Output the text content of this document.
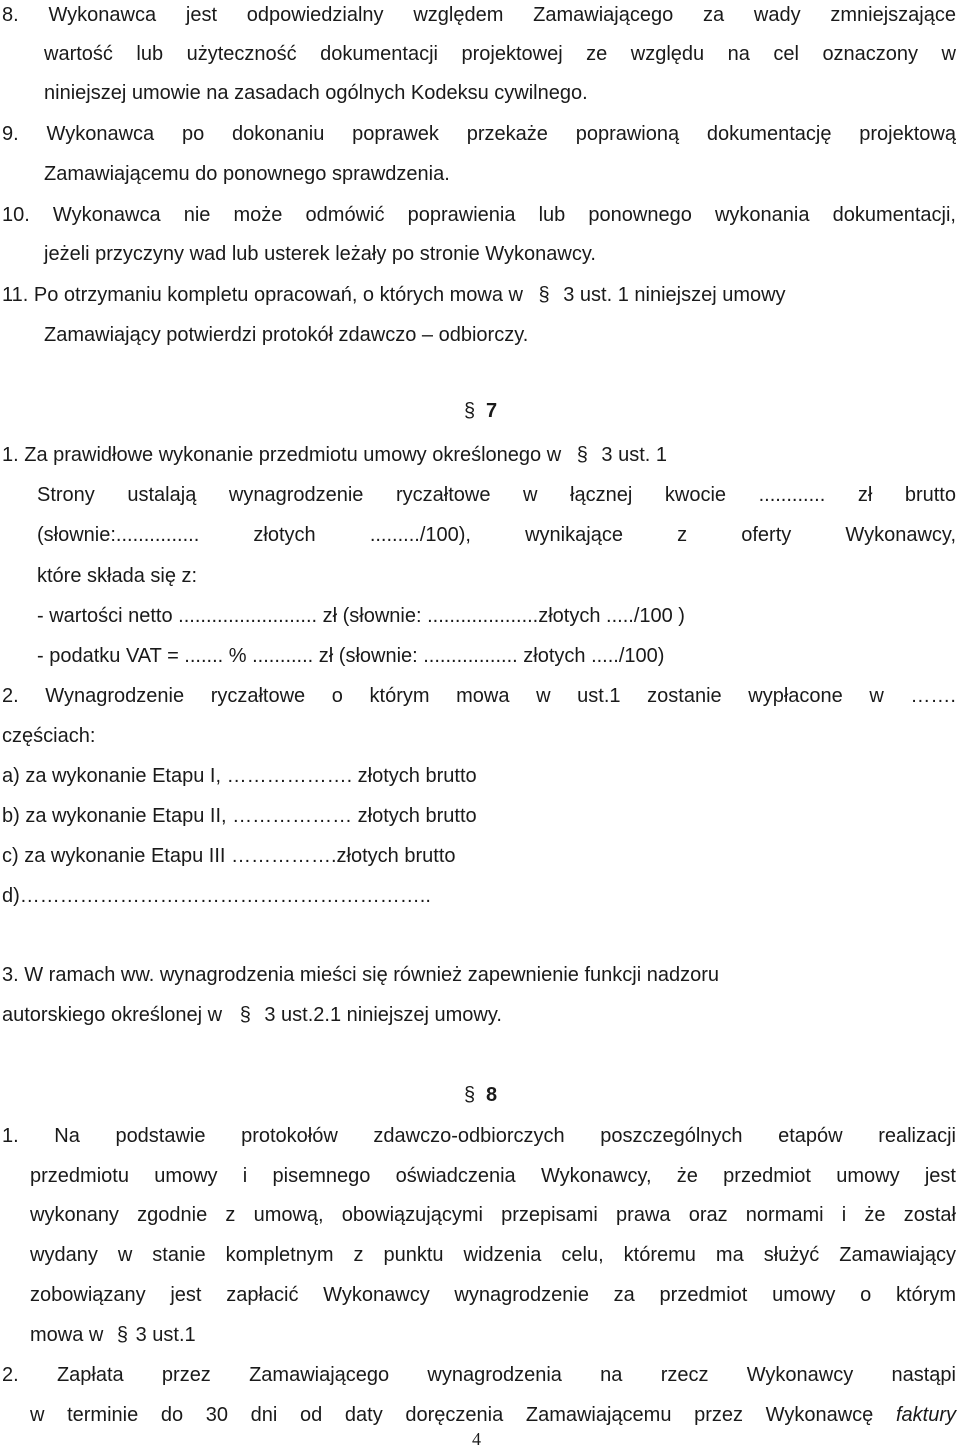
8. Wykonawca jest odpowiedzialny względem Zamawiającego za wady zmniejszające
wartość lub użyteczność dokumentacji projektowej ze względu na cel oznaczony w
niniejszej umowie na zasadach ogólnych Kodeksu cywilnego.
9. Wykonawca po dokonaniu poprawek przekaże poprawioną dokumentację projektową
Zamawiającemu do ponownego sprawdzenia.
10. Wykonawca nie może odmówić poprawienia lub ponownego wykonania dokumentacji,
jeżeli przyczyny wad lub usterek leżały po stronie Wykonawcy.
11. Po otrzymaniu kompletu opracowań, o których mowa w § 3 ust. 1 niniejszej umowy
Zamawiający potwierdzi protokół zdawczo – odbiorczy.
§ 7
1. Za prawidłowe wykonanie przedmiotu umowy określonego w § 3 ust. 1
Strony ustalają wynagrodzenie ryczałtowe w łącznej kwocie ............ zł brutto
(słownie:............... złotych ........./100), wynikające z oferty Wykonawcy,
które składa się z:
- wartości netto ......................... zł (słownie: ....................złotych ...../100 )
- podatku VAT = ....... % ........... zł (słownie: ................. złotych ...../100)
2. Wynagrodzenie ryczałtowe o którym mowa w ust.1 zostanie wypłacone w …….
częściach:
a) za wykonanie Etapu I, ………………. złotych brutto
b) za wykonanie Etapu II, ……………… złotych brutto
c) za wykonanie Etapu III …………….złotych brutto
d)……………………………………………………..
3. W ramach ww. wynagrodzenia mieści się również zapewnienie funkcji nadzoru
autorskiego określonej w § 3 ust.2.1 niniejszej umowy.
§ 8
1. Na podstawie protokołów zdawczo-odbiorczych poszczególnych etapów realizacji
przedmiotu umowy i pisemnego oświadczenia Wykonawcy, że przedmiot umowy jest
wykonany zgodnie z umową, obowiązującymi przepisami prawa oraz normami i że został
wydany w stanie kompletnym z punktu widzenia celu, któremu ma służyć Zamawiający
zobowiązany jest zapłacić Wykonawcy wynagrodzenie za przedmiot umowy o którym
mowa w § 3 ust.1
2. Zapłata przez Zamawiającego wynagrodzenia na rzecz Wykonawcy nastąpi
w terminie do 30 dni od daty doręczenia Zamawiającemu przez Wykonawcę faktury
4
